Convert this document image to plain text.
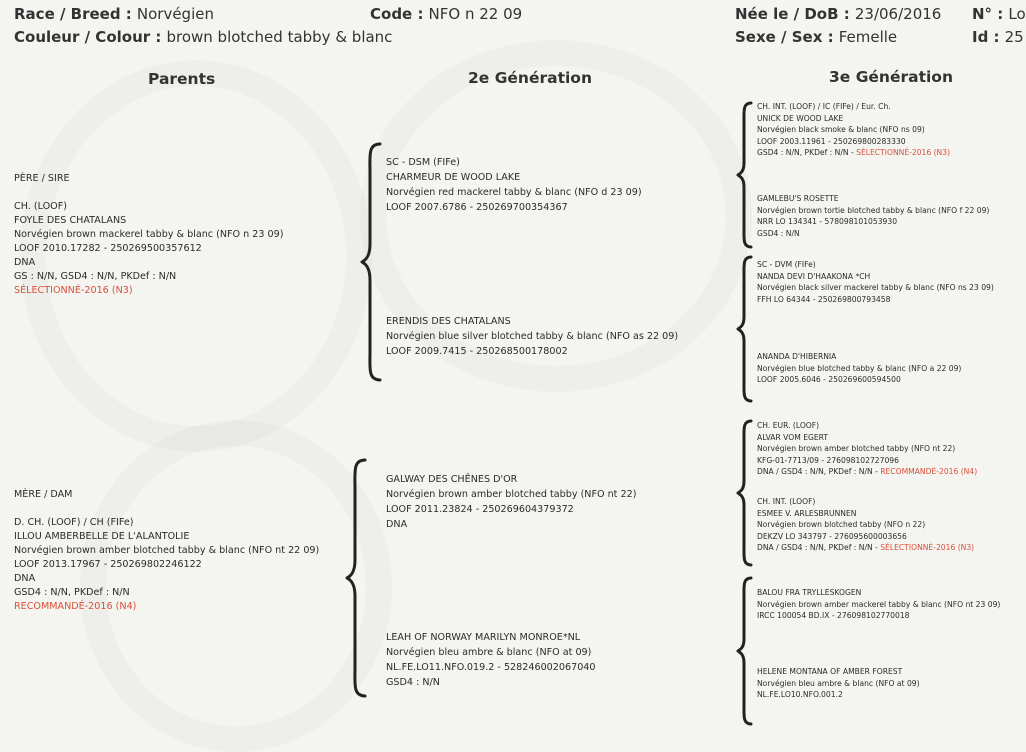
Race / Breed : Norvégien	Code : NFO n 22 09	Née le / DoB : 23/06/2016 N° : Lo
Couleur / Colour : brown blotched tabby & blanc	Sexe / Sex : Femelle	Id : 25
Parents	2e Génération	3e Génération
PÈRE / SIRE
CH. (LOOF)
FOYLE DES CHATALANS
Norvégien brown mackerel tabby & blanc (NFO n 23 09)
LOOF 2010.17282 - 250269500357612
DNA
GS : N/N, GSD4 : N/N, PKDef : N/N
SÉLECTIONNÉ-2016 (N3)
MÈRE / DAM
D. CH. (LOOF) / CH (FIFe)
ILLOU AMBERBELLE DE L'ALANTOLIE
Norvégien brown amber blotched tabby & blanc (NFO nt 22 09)
LOOF 2013.17967 - 250269802246122
DNA
GSD4 : N/N, PKDef : N/N
RECOMMANDÉ-2016 (N4)
SC - DSM (FIFe)
CHARMEUR DE WOOD LAKE
Norvégien red mackerel tabby & blanc (NFO d 23 09)
LOOF 2007.6786 - 250269700354367
ERENDIS DES CHATALANS
Norvégien blue silver blotched tabby & blanc (NFO as 22 09)
LOOF 2009.7415 - 250268500178002
GALWAY DES CHÊNES D'OR
Norvégien brown amber blotched tabby (NFO nt 22)
LOOF 2011.23824 - 250269604379372
DNA
LEAH OF NORWAY MARILYN MONROE*NL
Norvégien bleu ambre & blanc (NFO at 09)
NL.FE.LO11.NFO.019.2 - 528246002067040
GSD4 : N/N
CH. INT. (LOOF) / IC (FIFe) / Eur. Ch.
UNICK DE WOOD LAKE
Norvégien black smoke & blanc (NFO ns 09)
LOOF 2003.11961 - 250269800283330
GSD4 : N/N, PKDef : N/N - SÉLECTIONNÉ-2016 (N3)
GAMLEBU'S ROSETTE
Norvégien brown tortie blotched tabby & blanc (NFO f 22 09)
NRR LO 134341 - 578098101053930
GSD4 : N/N
SC - DVM (FIFe)
NANDA DEVI D'HAAKONA *CH
Norvégien black silver mackerel tabby & blanc (NFO ns 23 09)
FFH LO 64344 - 250269800793458
ANANDA D'HIBERNIA
Norvégien blue blotched tabby & blanc (NFO a 22 09)
LOOF 2005.6046 - 250269600594500
CH. EUR. (LOOF)
ALVAR VOM EGERT
Norvégien brown amber blotched tabby (NFO nt 22)
KFG-01-7713/09 - 276098102727096
DNA / GSD4 : N/N, PKDef : N/N - RECOMMANDÉ-2016 (N4)
CH. INT. (LOOF)
ESMEE V. ARLESBRUNNEN
Norvégien brown blotched tabby (NFO n 22)
DEKZV LO 343797 - 276095600003656
DNA / GSD4 : N/N, PKDef : N/N - SÉLECTIONNÉ-2016 (N3)
BALOU FRA TRYLLESKOGEN
Norvégien brown amber mackerel tabby & blanc (NFO nt 23 09)
IRCC 100054 BD.IX - 276098102770018
HELENE MONTANA OF AMBER FOREST
Norvégien bleu ambre & blanc (NFO at 09)
NL.FE.LO10.NFO.001.2
